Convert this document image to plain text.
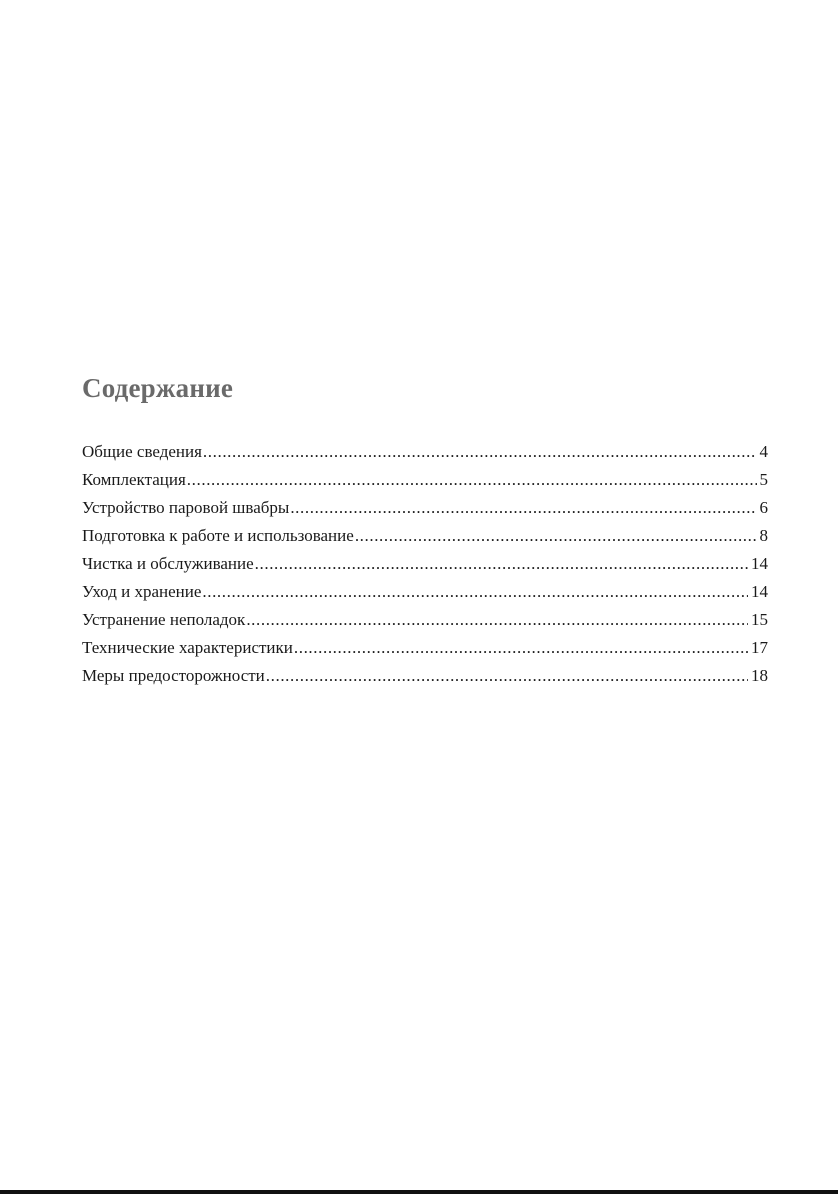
Содержание
Общие сведения .....	4
Комплектация .....	5
Устройство паровой швабры .....	6
Подготовка к работе и использование .....	8
Чистка и обслуживание .....	14
Уход и хранение .....	14
Устранение неполадок .....	15
Технические характеристики .....	17
Меры предосторожности .....	18
